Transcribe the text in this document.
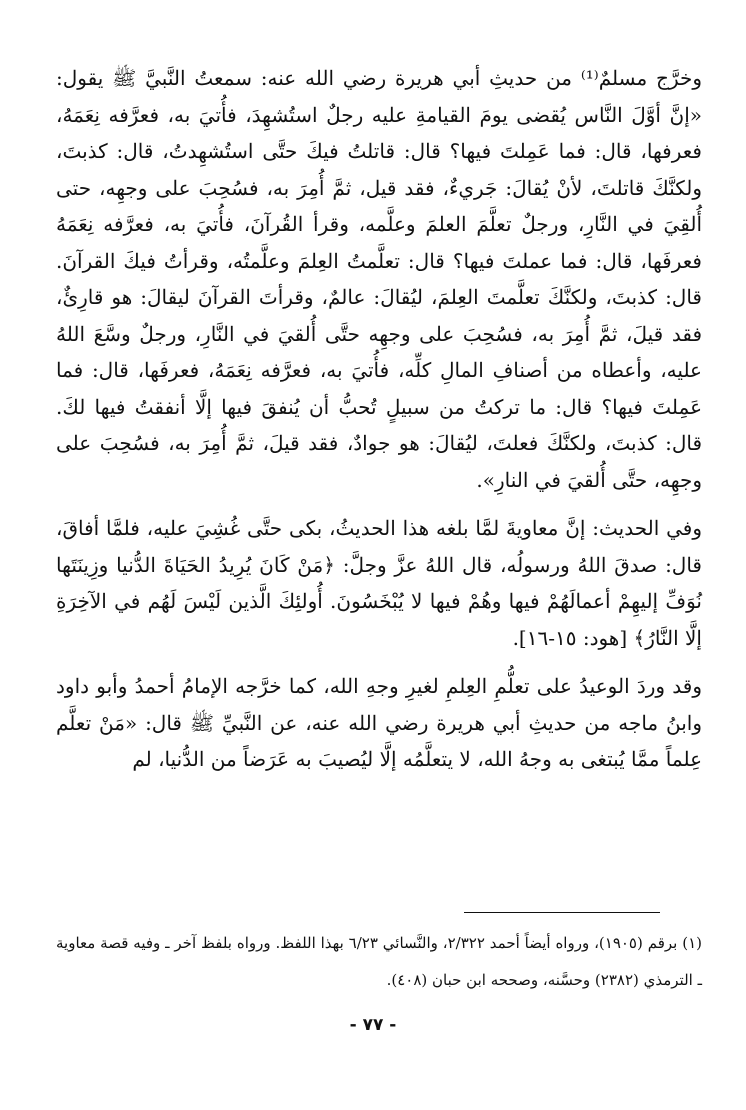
وخرَّج مسلمٌ⁽¹⁾ من حديثِ أبي هريرة رضي الله عنه: سمعتُ النَّبيَّ ﷺ يقول: «إنَّ أوَّلَ النَّاس يُقضى يومَ القيامةِ عليه رجلٌ استُشهِدَ، فأُتيَ به، فعرَّفه نِعَمَهُ، فعرفها، قال: فما عَمِلتَ فيها؟ قال: قاتلتُ فيكَ حتَّى استُشهِدتُ، قال: كذبتَ، ولكنَّكَ قاتلتَ، لأنْ يُقالَ: جَريءٌ، فقد قيل، ثمَّ أُمِرَ به، فسُحِبَ على وجهِه، حتى أُلقِيَ في النَّارِ، ورجلٌ تعلَّمَ العلمَ وعلَّمه، وقرأ القُرآنَ، فأُتيَ به، فعرَّفه نِعَمَهُ فعرفَها، قال: فما عملتَ فيها؟ قال: تعلَّمتُ العِلمَ وعلَّمتُه، وقرأتُ فيكَ القرآنَ. قال: كذبتَ، ولكنَّكَ تعلَّمتَ العِلمَ، ليُقالَ: عالمٌ، وقرأتَ القرآنَ ليقالَ: هو قارِئٌ، فقد قيلَ، ثمَّ أُمِرَ به، فسُحِبَ على وجهِه حتَّى أُلقيَ في النَّارِ، ورجلٌ وسَّعَ اللهُ عليه، وأعطاه من أصنافِ المالِ كلِّه، فأُتيَ به، فعرَّفه نِعَمَهُ، فعرفَها، قال: فما عَمِلتَ فيها؟ قال: ما تركتُ من سبيلٍ تُحبُّ أن يُنفقَ فيها إلَّا أنفقتُ فيها لكَ. قال: كذبتَ، ولكنَّكَ فعلتَ، ليُقالَ: هو جوادٌ، فقد قيلَ، ثمَّ أُمِرَ به، فسُحِبَ على وجهِه، حتَّى أُلقيَ في النارِ».

وفي الحديث: إنَّ معاويةَ لمَّا بلغه هذا الحديثُ، بكى حتَّى غُشِيَ عليه، فلمَّا أفاقَ، قال: صدقَ اللهُ ورسولُه، قال اللهُ عزَّ وجلَّ: ﴿مَنْ كَانَ يُرِيدُ الحَيَاةَ الدُّنيا وزِينَتَها نُوَفِّ إليهِمْ أعمالَهُمْ فيها وهُمْ فيها لا يُبْخَسُونَ. أُولئِكَ الَّذين لَيْسَ لَهُم في الآخِرَةِ إلَّا النَّارُ﴾ [هود: ١٥-١٦].

وقد وردَ الوعيدُ على تعلُّمِ العِلمِ لغيرِ وجهِ الله، كما خرَّجه الإمامُ أحمدُ وأبو داود وابنُ ماجه من حديثِ أبي هريرة رضي الله عنه، عن النَّبيِّ ﷺ قال: «مَنْ تعلَّم عِلماً ممَّا يُبتغى به وجهُ الله، لا يتعلَّمُه إلَّا ليُصيبَ به عَرَضاً من الدُّنيا، لم

(١) برقم (١٩٠٥)، ورواه أيضاً أحمد ٢/٣٢٢، والنَّسائي ٦/٢٣ بهذا اللفظ. ورواه بلفظ آخر ـ وفيه قصة معاوية ـ الترمذي (٢٣٨٢) وحسَّنه، وصححه ابن حبان (٤٠٨).

- ٧٧ -
